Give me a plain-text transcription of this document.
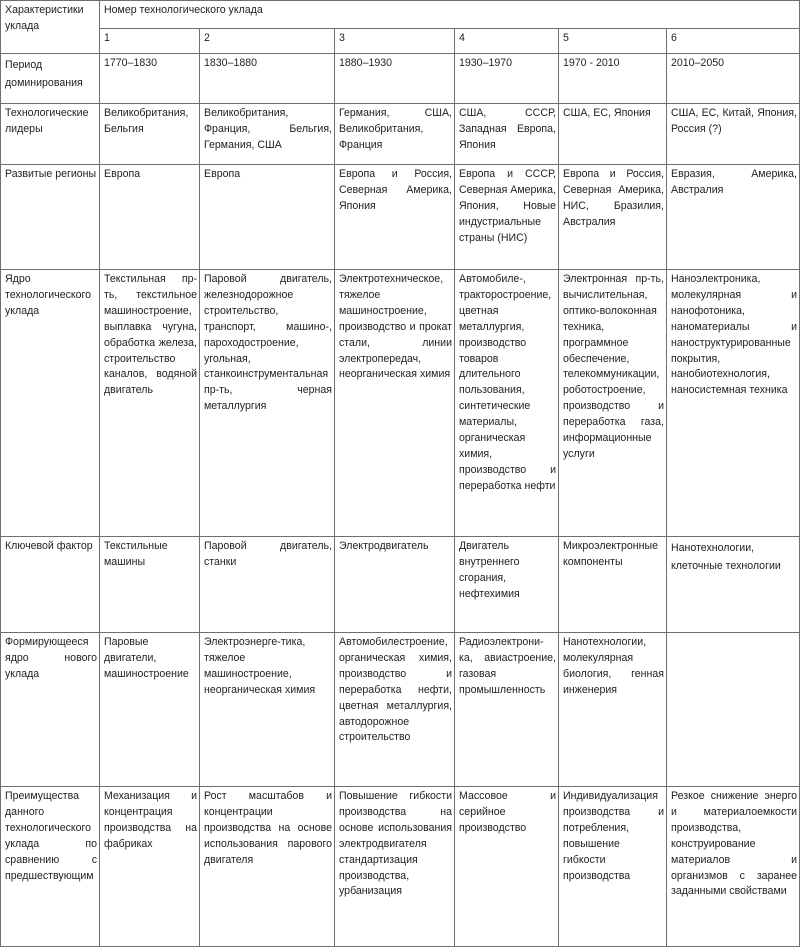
Характеристики уклада	Номер технологического уклада					
	1	2	3	4	5	6
Период доминирования	1770–1830	1830–1880	1880–1930	1930–1970	1970 - 2010	2010–2050
Технологические лидеры	Великобритания, Бельгия	Великобритания, Франция, Бельгия, Германия, США	Германия, США, Великобритания, Франция	США, СССР, Западная Европа, Япония	США, ЕС, Япония	США, ЕС, Китай, Япония, Россия (?)
Развитые регионы	Европа	Европа	Европа и Россия, Северная Америка, Япония	Европа и СССР, Северная Америка, Япония, Новые индустриальные страны (НИС)	Европа и Россия, Северная Америка, НИС, Бразилия, Австралия	Евразия, Америка, Австралия
Ядро технологического уклада	Текстильная пр-ть, текстильное машиностроение, выплавка чугуна, обработка железа, строительство каналов, водяной двигатель	Паровой двигатель, железнодорожное строительство, транспорт, машино-, пароходостроение, угольная, станкоинструментальная пр-ть, черная металлургия	Электротехническое, тяжелое машиностроение, производство и прокат стали, линии электропередач, неорганическая химия	Автомобиле-, тракторостроение, цветная металлургия, производство товаров длительного пользования, синтетические материалы, органическая химия, производство и переработка нефти	Электронная пр-ть, вычислительная, оптико-волоконная техника, программное обеспечение, телекоммуникации, роботостроение, производство и переработка газа, информационные услуги	Наноэлектроника, молекулярная и нанофотоника, наноматериалы и наноструктурированные покрытия, нанобиотехнология, наносистемная техника
Ключевой фактор	Текстильные машины	Паровой двигатель, станки	Электродвигатель	Двигатель внутреннего сгорания, нефтехимия	Микроэлектронные компоненты	Нанотехнологии, клеточные технологии
Формирующееся ядро нового уклада	Паровые двигатели, машиностроение	Электроэнерге-тика, тяжелое машиностроение, неорганическая химия	Автомобилестроение, органическая химия, производство и переработка нефти, цветная металлургия, автодорожное строительство	Радиоэлектрони-ка, авиастроение, газовая промышленность	Нанотехнологии, молекулярная биология, генная инженерия	
Преимущества данного технологического уклада по сравнению с предшествующим	Механизация и концентрация производства на фабриках	Рост масштабов и концентрации производства на основе использования парового двигателя	Повышение гибкости производства на основе использования электродвигателя стандартизация производства, урбанизация	Массовое и серийное производство	Индивидуализация производства и потребления, повышение гибкости производства	Резкое снижение энерго и материалоемкости производства, конструирование материалов и организмов с заранее заданными свойствами
